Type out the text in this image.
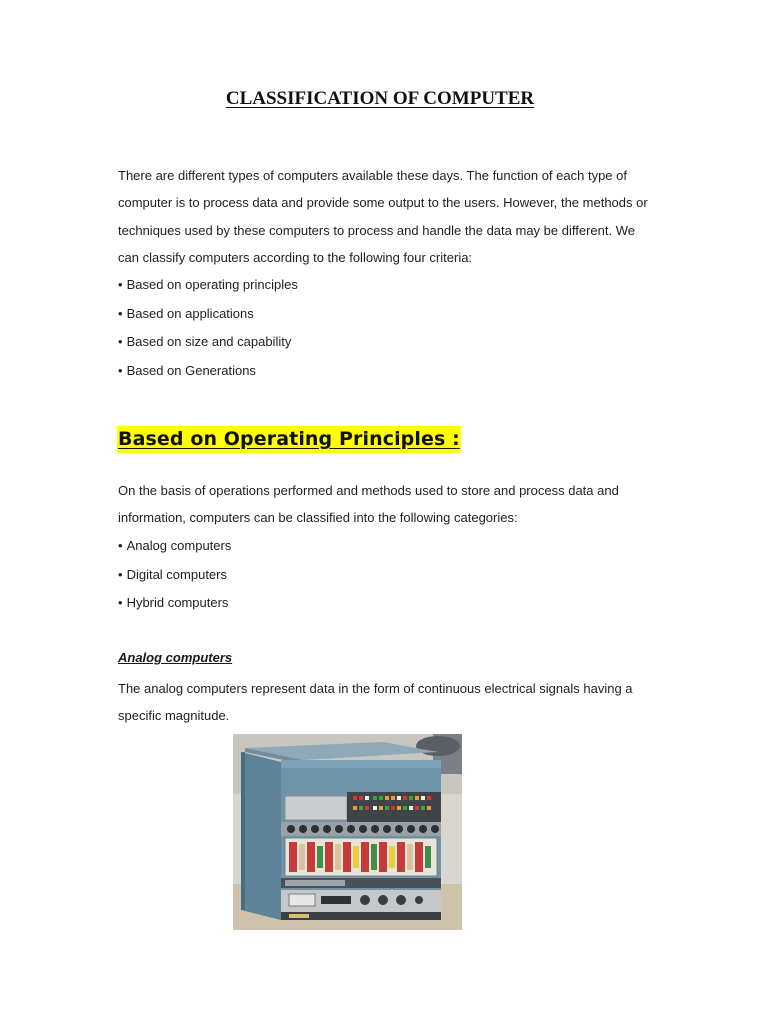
CLASSIFICATION OF COMPUTER

There are different types of computers available these days. The function of each type of computer is to process data and provide some output to the users. However, the methods or techniques used by these computers to process and handle the data may be different. We can classify computers according to the following four criteria:

• Based on operating principles
• Based on applications
• Based on size and capability
• Based on Generations
Based on Operating Principles :

On the basis of operations performed and methods used to store and process data and information, computers can be classified into the following categories:

• Analog computers
• Digital computers
• Hybrid computers
Analog computers

The analog computers represent data in the form of continuous electrical signals having a specific magnitude.
